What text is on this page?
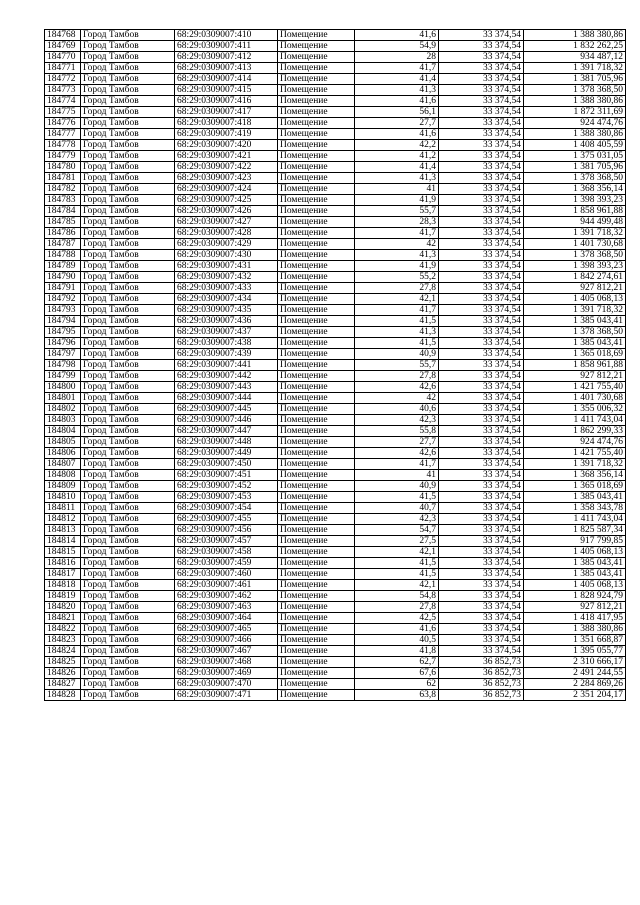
184768	Город Тамбов	68:29:0309007:410	Помещение	41,6	33 374,54	1 388 380,86
184769	Город Тамбов	68:29:0309007:411	Помещение	54,9	33 374,54	1 832 262,25
184770	Город Тамбов	68:29:0309007:412	Помещение	28	33 374,54	934 487,12
184771	Город Тамбов	68:29:0309007:413	Помещение	41,7	33 374,54	1 391 718,32
184772	Город Тамбов	68:29:0309007:414	Помещение	41,4	33 374,54	1 381 705,96
184773	Город Тамбов	68:29:0309007:415	Помещение	41,3	33 374,54	1 378 368,50
184774	Город Тамбов	68:29:0309007:416	Помещение	41,6	33 374,54	1 388 380,86
184775	Город Тамбов	68:29:0309007:417	Помещение	56,1	33 374,54	1 872 311,69
184776	Город Тамбов	68:29:0309007:418	Помещение	27,7	33 374,54	924 474,76
184777	Город Тамбов	68:29:0309007:419	Помещение	41,6	33 374,54	1 388 380,86
184778	Город Тамбов	68:29:0309007:420	Помещение	42,2	33 374,54	1 408 405,59
184779	Город Тамбов	68:29:0309007:421	Помещение	41,2	33 374,54	1 375 031,05
184780	Город Тамбов	68:29:0309007:422	Помещение	41,4	33 374,54	1 381 705,96
184781	Город Тамбов	68:29:0309007:423	Помещение	41,3	33 374,54	1 378 368,50
184782	Город Тамбов	68:29:0309007:424	Помещение	41	33 374,54	1 368 356,14
184783	Город Тамбов	68:29:0309007:425	Помещение	41,9	33 374,54	1 398 393,23
184784	Город Тамбов	68:29:0309007:426	Помещение	55,7	33 374,54	1 858 961,88
184785	Город Тамбов	68:29:0309007:427	Помещение	28,3	33 374,54	944 499,48
184786	Город Тамбов	68:29:0309007:428	Помещение	41,7	33 374,54	1 391 718,32
184787	Город Тамбов	68:29:0309007:429	Помещение	42	33 374,54	1 401 730,68
184788	Город Тамбов	68:29:0309007:430	Помещение	41,3	33 374,54	1 378 368,50
184789	Город Тамбов	68:29:0309007:431	Помещение	41,9	33 374,54	1 398 393,23
184790	Город Тамбов	68:29:0309007:432	Помещение	55,2	33 374,54	1 842 274,61
184791	Город Тамбов	68:29:0309007:433	Помещение	27,8	33 374,54	927 812,21
184792	Город Тамбов	68:29:0309007:434	Помещение	42,1	33 374,54	1 405 068,13
184793	Город Тамбов	68:29:0309007:435	Помещение	41,7	33 374,54	1 391 718,32
184794	Город Тамбов	68:29:0309007:436	Помещение	41,5	33 374,54	1 385 043,41
184795	Город Тамбов	68:29:0309007:437	Помещение	41,3	33 374,54	1 378 368,50
184796	Город Тамбов	68:29:0309007:438	Помещение	41,5	33 374,54	1 385 043,41
184797	Город Тамбов	68:29:0309007:439	Помещение	40,9	33 374,54	1 365 018,69
184798	Город Тамбов	68:29:0309007:441	Помещение	55,7	33 374,54	1 858 961,88
184799	Город Тамбов	68:29:0309007:442	Помещение	27,8	33 374,54	927 812,21
184800	Город Тамбов	68:29:0309007:443	Помещение	42,6	33 374,54	1 421 755,40
184801	Город Тамбов	68:29:0309007:444	Помещение	42	33 374,54	1 401 730,68
184802	Город Тамбов	68:29:0309007:445	Помещение	40,6	33 374,54	1 355 006,32
184803	Город Тамбов	68:29:0309007:446	Помещение	42,3	33 374,54	1 411 743,04
184804	Город Тамбов	68:29:0309007:447	Помещение	55,8	33 374,54	1 862 299,33
184805	Город Тамбов	68:29:0309007:448	Помещение	27,7	33 374,54	924 474,76
184806	Город Тамбов	68:29:0309007:449	Помещение	42,6	33 374,54	1 421 755,40
184807	Город Тамбов	68:29:0309007:450	Помещение	41,7	33 374,54	1 391 718,32
184808	Город Тамбов	68:29:0309007:451	Помещение	41	33 374,54	1 368 356,14
184809	Город Тамбов	68:29:0309007:452	Помещение	40,9	33 374,54	1 365 018,69
184810	Город Тамбов	68:29:0309007:453	Помещение	41,5	33 374,54	1 385 043,41
184811	Город Тамбов	68:29:0309007:454	Помещение	40,7	33 374,54	1 358 343,78
184812	Город Тамбов	68:29:0309007:455	Помещение	42,3	33 374,54	1 411 743,04
184813	Город Тамбов	68:29:0309007:456	Помещение	54,7	33 374,54	1 825 587,34
184814	Город Тамбов	68:29:0309007:457	Помещение	27,5	33 374,54	917 799,85
184815	Город Тамбов	68:29:0309007:458	Помещение	42,1	33 374,54	1 405 068,13
184816	Город Тамбов	68:29:0309007:459	Помещение	41,5	33 374,54	1 385 043,41
184817	Город Тамбов	68:29:0309007:460	Помещение	41,5	33 374,54	1 385 043,41
184818	Город Тамбов	68:29:0309007:461	Помещение	42,1	33 374,54	1 405 068,13
184819	Город Тамбов	68:29:0309007:462	Помещение	54,8	33 374,54	1 828 924,79
184820	Город Тамбов	68:29:0309007:463	Помещение	27,8	33 374,54	927 812,21
184821	Город Тамбов	68:29:0309007:464	Помещение	42,5	33 374,54	1 418 417,95
184822	Город Тамбов	68:29:0309007:465	Помещение	41,6	33 374,54	1 388 380,86
184823	Город Тамбов	68:29:0309007:466	Помещение	40,5	33 374,54	1 351 668,87
184824	Город Тамбов	68:29:0309007:467	Помещение	41,8	33 374,54	1 395 055,77
184825	Город Тамбов	68:29:0309007:468	Помещение	62,7	36 852,73	2 310 666,17
184826	Город Тамбов	68:29:0309007:469	Помещение	67,6	36 852,73	2 491 244,55
184827	Город Тамбов	68:29:0309007:470	Помещение	62	36 852,73	2 284 869,26
184828	Город Тамбов	68:29:0309007:471	Помещение	63,8	36 852,73	2 351 204,17
